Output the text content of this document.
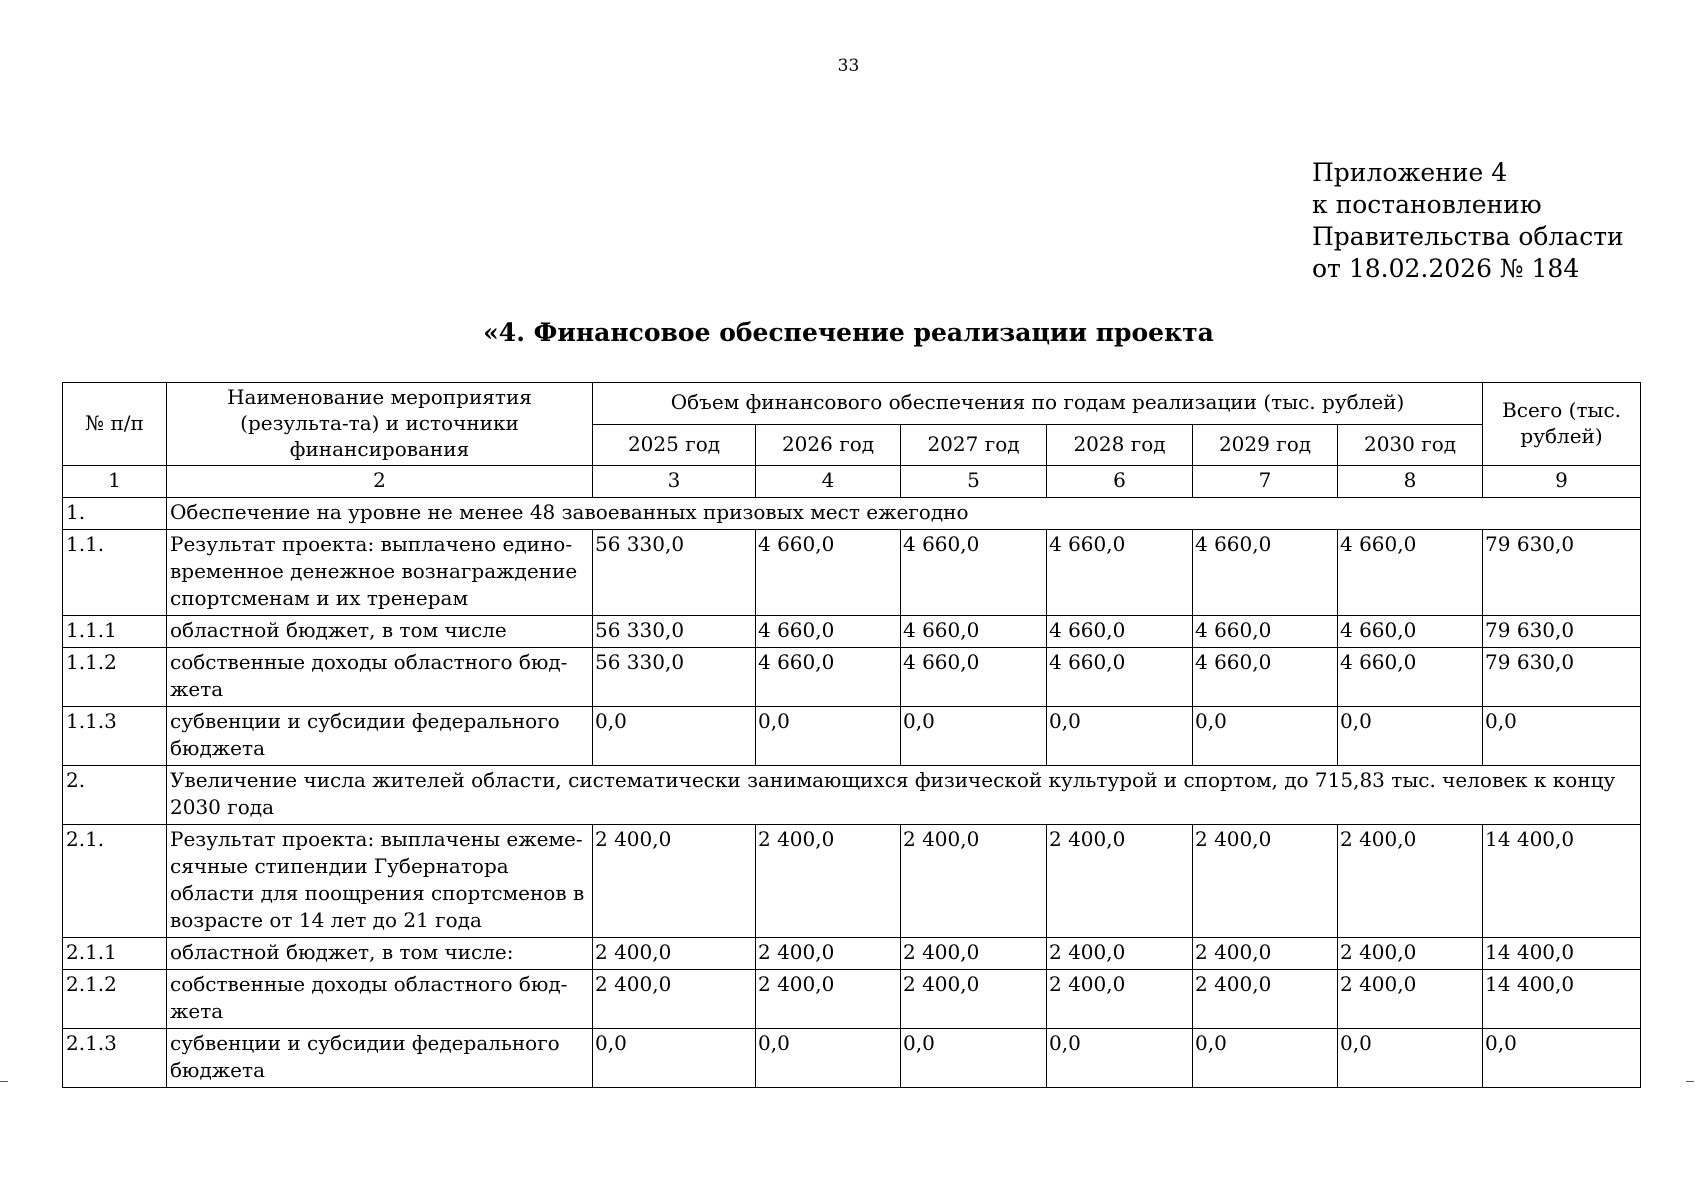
33
Приложение 4
к постановлению
Правительства области
от 18.02.2026 № 184
«4. Финансовое обеспечение реализации проекта
№ п/п	Наименование мероприятия (результа-та) и источники финансирования	Объем финансового обеспечения по годам реализации (тыс. рублей)						Всего (тыс. рублей)
		2025 год	2026 год	2027 год	2028 год	2029 год	2030 год	
1	2	3	4	5	6	7	8	9
1.	Обеспечение на уровне не менее 48 завоеванных призовых мест ежегодно							
1.1.	Результат проекта: выплачено едино-временное денежное вознаграждение спортсменам и их тренерам	56 330,0	4 660,0	4 660,0	4 660,0	4 660,0	4 660,0	79 630,0
1.1.1	областной бюджет, в том числе	56 330,0	4 660,0	4 660,0	4 660,0	4 660,0	4 660,0	79 630,0
1.1.2	собственные доходы областного бюд-жета	56 330,0	4 660,0	4 660,0	4 660,0	4 660,0	4 660,0	79 630,0
1.1.3	субвенции и субсидии федерального бюджета	0,0	0,0	0,0	0,0	0,0	0,0	0,0
2.	Увеличение числа жителей области, систематически занимающихся физической культурой и спортом, до 715,83 тыс. человек к концу 2030 года							
2.1.	Результат проекта: выплачены ежеме-сячные стипендии Губернатора области для поощрения спортсменов в возрасте от 14 лет до 21 года	2 400,0	2 400,0	2 400,0	2 400,0	2 400,0	2 400,0	14 400,0
2.1.1	областной бюджет, в том числе:	2 400,0	2 400,0	2 400,0	2 400,0	2 400,0	2 400,0	14 400,0
2.1.2	собственные доходы областного бюд-жета	2 400,0	2 400,0	2 400,0	2 400,0	2 400,0	2 400,0	14 400,0
2.1.3	субвенции и субсидии федерального бюджета	0,0	0,0	0,0	0,0	0,0	0,0	0,0
